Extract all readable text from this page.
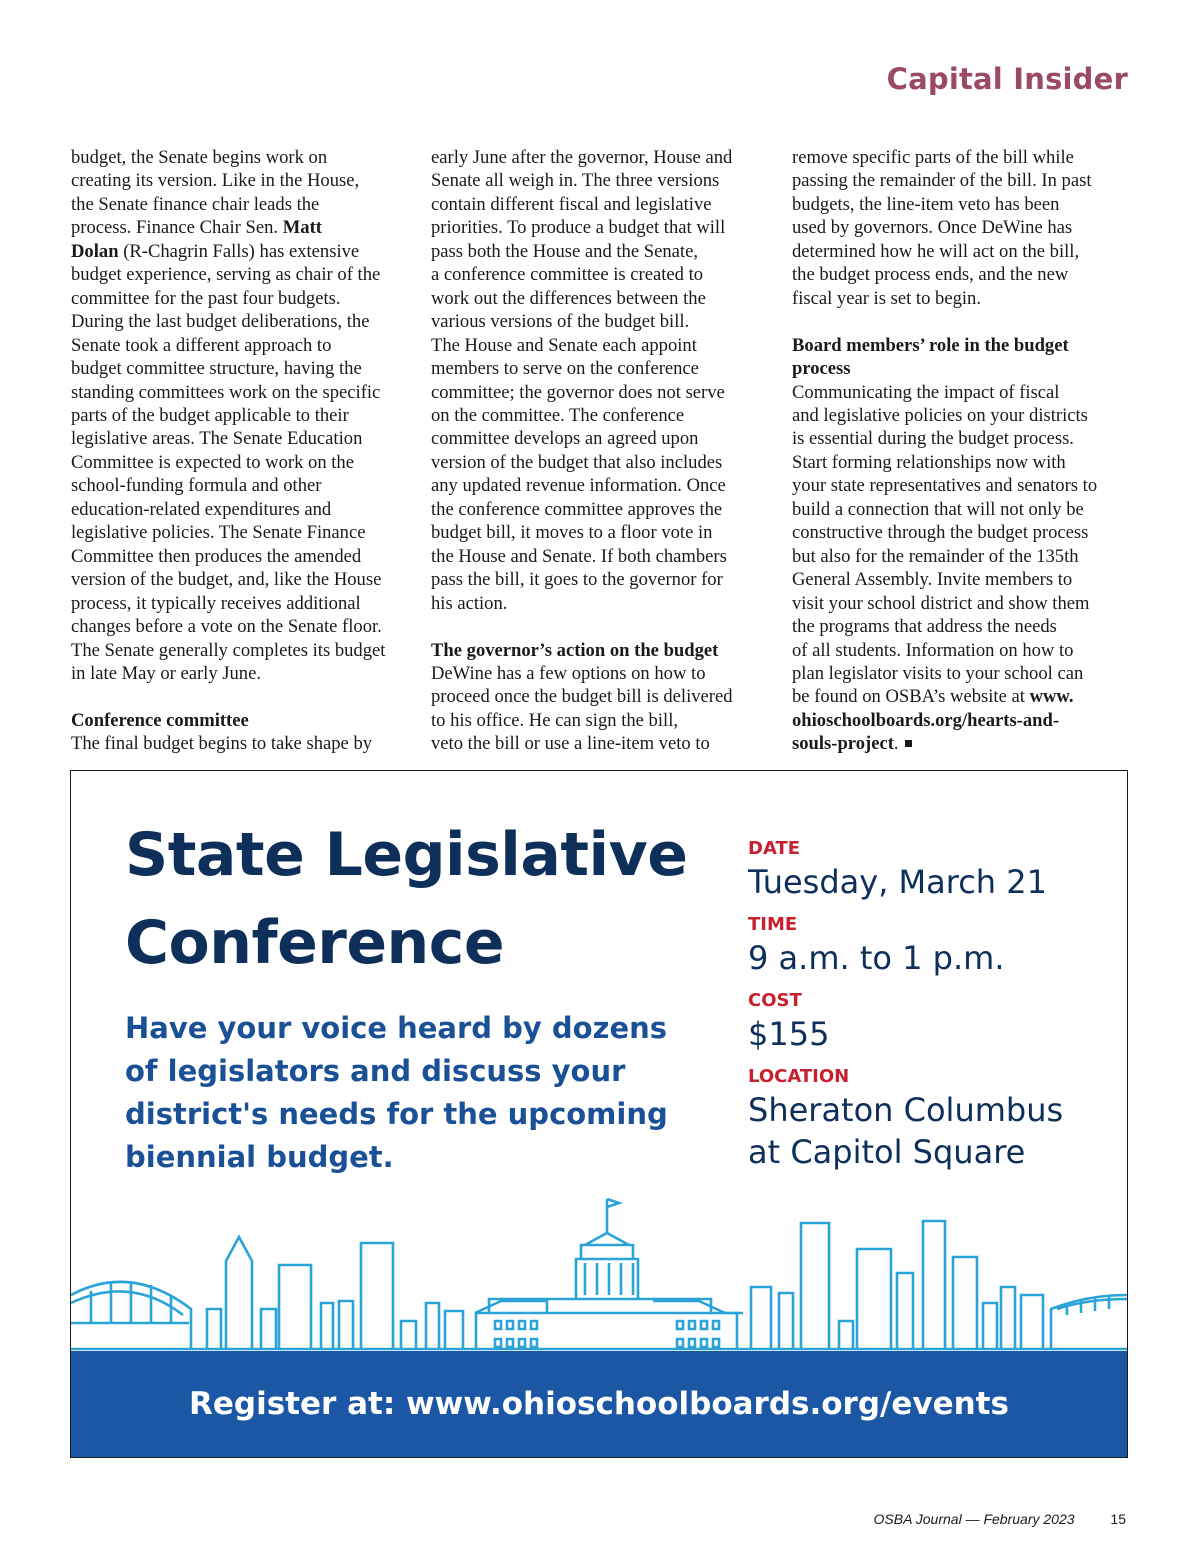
Capital Insider

budget, the Senate begins work on
creating its version. Like in the House,
the Senate finance chair leads the
process. Finance Chair Sen. Matt
Dolan (R-Chagrin Falls) has extensive
budget experience, serving as chair of the
committee for the past four budgets.
During the last budget deliberations, the
Senate took a different approach to
budget committee structure, having the
standing committees work on the specific
parts of the budget applicable to their
legislative areas. The Senate Education
Committee is expected to work on the
school-funding formula and other
education-related expenditures and
legislative policies. The Senate Finance
Committee then produces the amended
version of the budget, and, like the House
process, it typically receives additional
changes before a vote on the Senate floor.
The Senate generally completes its budget
in late May or early June.

Conference committee

The final budget begins to take shape by

early June after the governor, House and
Senate all weigh in. The three versions
contain different fiscal and legislative
priorities. To produce a budget that will
pass both the House and the Senate,
a conference committee is created to
work out the differences between the
various versions of the budget bill.
The House and Senate each appoint
members to serve on the conference
committee; the governor does not serve
on the committee. The conference
committee develops an agreed upon
version of the budget that also includes
any updated revenue information. Once
the conference committee approves the
budget bill, it moves to a floor vote in
the House and Senate. If both chambers
pass the bill, it goes to the governor for
his action.

The governor’s action on the budget

DeWine has a few options on how to
proceed once the budget bill is delivered
to his office. He can sign the bill,
veto the bill or use a line-item veto to

remove specific parts of the bill while
passing the remainder of the bill. In past
budgets, the line-item veto has been
used by governors. Once DeWine has
determined how he will act on the bill,
the budget process ends, and the new
fiscal year is set to begin.

Board members’ role in the budget
process

Communicating the impact of fiscal
and legislative policies on your districts
is essential during the budget process.
Start forming relationships now with
your state representatives and senators to
build a connection that will not only be
constructive through the budget process
but also for the remainder of the 135th
General Assembly. Invite members to
visit your school district and show them
the programs that address the needs
of all students. Information on how to
plan legislator visits to your school can
be found on OSBA’s website at www.
ohioschoolboards.org/hearts-and-
souls-project.

State Legislative
Conference

Have your voice heard by dozens
of legislators and discuss your
district's needs for the upcoming
biennial budget.

DATE
Tuesday, March 21
TIME
9 a.m. to 1 p.m.
COST
$155
LOCATION
Sheraton Columbus
at Capitol Square
Register at: www.ohioschoolboards.org/events
OSBA Journal — February 2023	15
